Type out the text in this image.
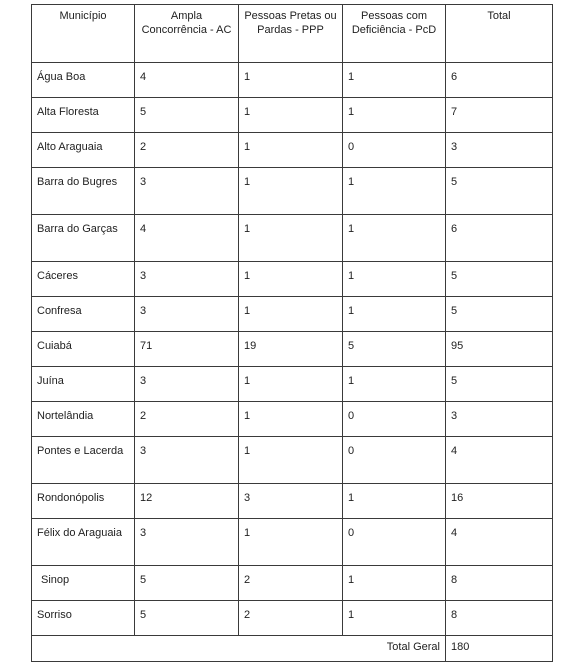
Município	Ampla Concorrência - AC	Pessoas Pretas ou Pardas - PPP	Pessoas com Deficiência - PcD	Total
Água Boa	4	1	1	6
Alta Floresta	5	1	1	7
Alto Araguaia	2	1	0	3
Barra do Bugres	3	1	1	5
Barra do Garças	4	1	1	6
Cáceres	3	1	1	5
Confresa	3	1	1	5
Cuiabá	71	19	5	95
Juína	3	1	1	5
Nortelândia	2	1	0	3
Pontes e Lacerda	3	1	0	4
Rondonópolis	12	3	1	16
Félix do Araguaia	3	1	0	4
Sinop	5	2	1	8
Sorriso	5	2	1	8
Total Geral				180
